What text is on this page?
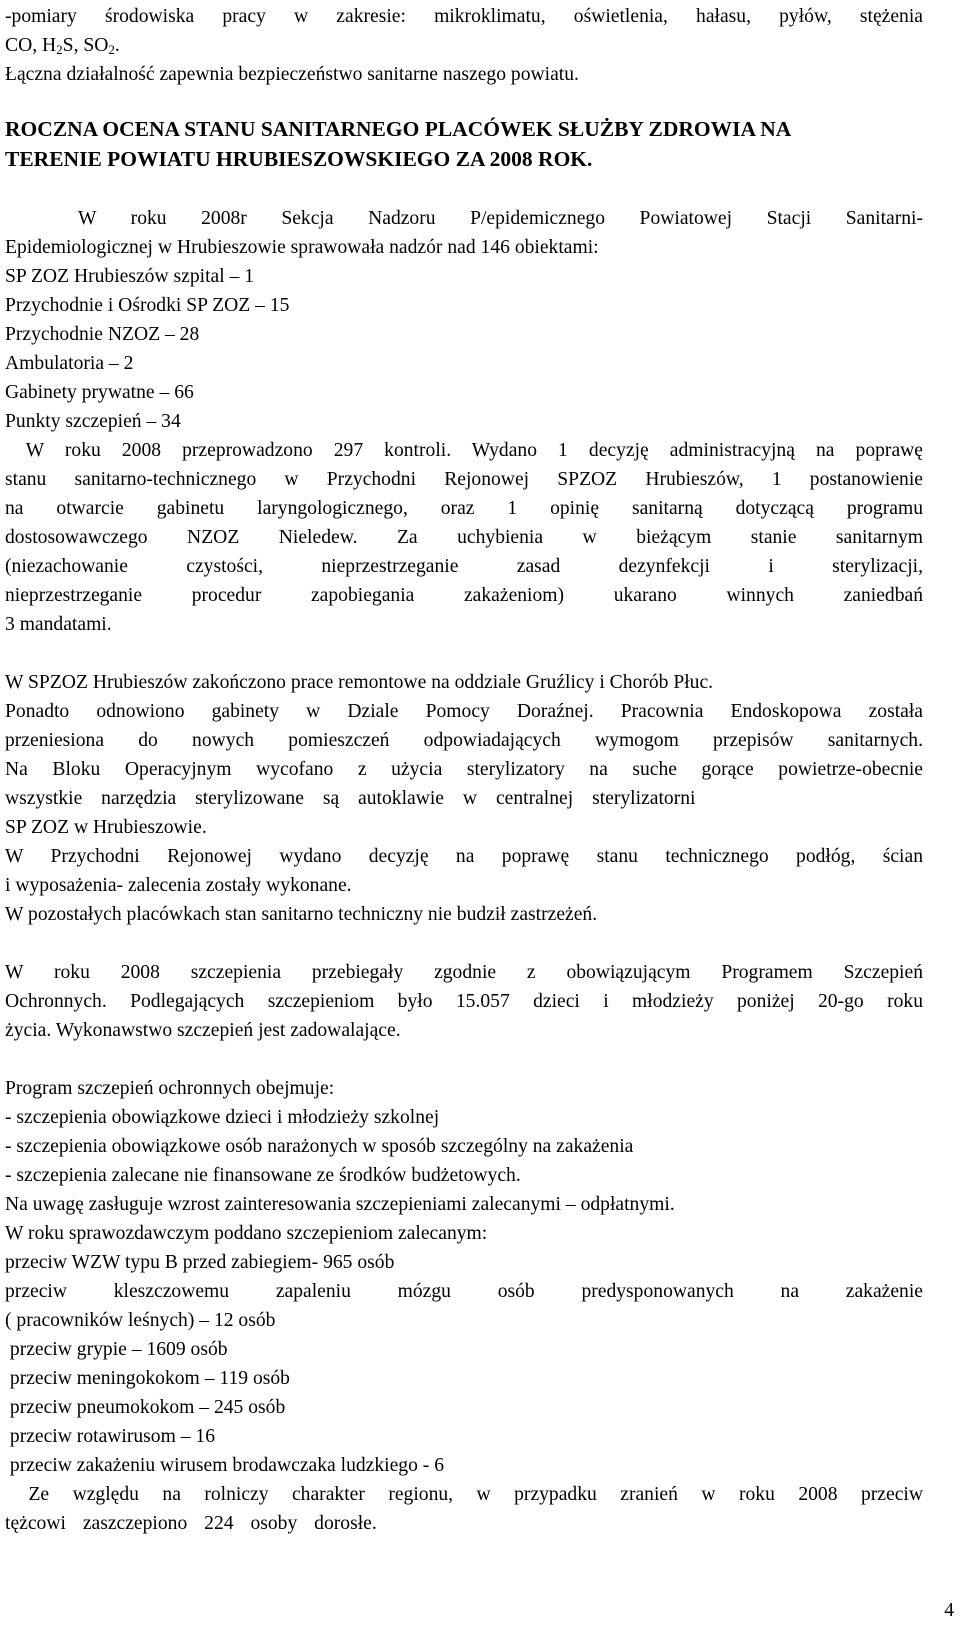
-pomiary środowiska pracy w zakresie: mikroklimatu, oświetlenia, hałasu, pyłów, stężenia
CO, $H_2S$, $SO_2$.
Łączna działalność zapewnia bezpieczeństwo sanitarne naszego powiatu.
ROCZNA OCENA STANU SANITARNEGO PLACÓWEK SŁUŻBY ZDROWIA NA
TERENIE POWIATU HRUBIESZOWSKIEGO ZA 2008 ROK.
W roku 2008r Sekcja Nadzoru P/epidemicznego Powiatowej Stacji Sanitarni-
Epidemiologicznej w Hrubieszowie sprawowała nadzór nad 146 obiektami:
SP ZOZ Hrubieszów szpital – 1
Przychodnie i Ośrodki SP ZOZ – 15
Przychodnie NZOZ – 28
Ambulatoria – 2
Gabinety prywatne – 66
Punkty szczepień – 34
W roku 2008 przeprowadzono 297 kontroli. Wydano 1 decyzję administracyjną na poprawę
stanu sanitarno-technicznego w Przychodni Rejonowej SPZOZ Hrubieszów, 1 postanowienie
na otwarcie gabinetu laryngologicznego, oraz 1 opinię sanitarną dotyczącą programu
dostosowawczego NZOZ Nieledew. Za uchybienia w bieżącym stanie sanitarnym
(niezachowanie czystości, nieprzestrzeganie zasad dezynfekcji i sterylizacji,
nieprzestrzeganie procedur zapobiegania zakażeniom) ukarano winnych zaniedbań
3 mandatami.
W SPZOZ Hrubieszów zakończono prace remontowe na oddziale Gruźlicy i Chorób Płuc.
Ponadto odnowiono gabinety w Dziale Pomocy Doraźnej. Pracownia Endoskopowa została
przeniesiona do nowych pomieszczeń odpowiadających wymogom przepisów sanitarnych.
Na Bloku Operacyjnym wycofano z użycia sterylizatory na suche gorące powietrze-obecnie
wszystkie narzędzia sterylizowane są autoklawie w centralnej sterylizatorni
SP ZOZ w Hrubieszowie.
W Przychodni Rejonowej wydano decyzję na poprawę stanu technicznego podłóg, ścian
i wyposażenia- zalecenia zostały wykonane.
W pozostałych placówkach stan sanitarno techniczny nie budził zastrzeżeń.
W roku 2008 szczepienia przebiegały zgodnie z obowiązującym Programem Szczepień
Ochronnych. Podlegających szczepieniom było 15.057 dzieci i młodzieży poniżej 20-go roku
życia. Wykonawstwo szczepień jest zadowalające.
Program szczepień ochronnych obejmuje:
- szczepienia obowiązkowe dzieci i młodzieży szkolnej
- szczepienia obowiązkowe osób narażonych w sposób szczególny na zakażenia
- szczepienia zalecane nie finansowane ze środków budżetowych.
Na uwagę zasługuje wzrost zainteresowania szczepieniami zalecanymi – odpłatnymi.
W roku sprawozdawczym poddano szczepieniom zalecanym:
przeciw WZW typu B przed zabiegiem- 965 osób
przeciw kleszczowemu zapaleniu mózgu osób predysponowanych na zakażenie
( pracowników leśnych) – 12 osób
przeciw grypie – 1609 osób
przeciw meningokokom – 119 osób
przeciw pneumokokom – 245 osób
przeciw rotawirusom – 16
przeciw zakażeniu wirusem brodawczaka ludzkiego - 6
Ze względu na rolniczy charakter regionu, w przypadku zranień w roku 2008 przeciw
tężcowi zaszczepiono 224 osoby dorosłe.
4
